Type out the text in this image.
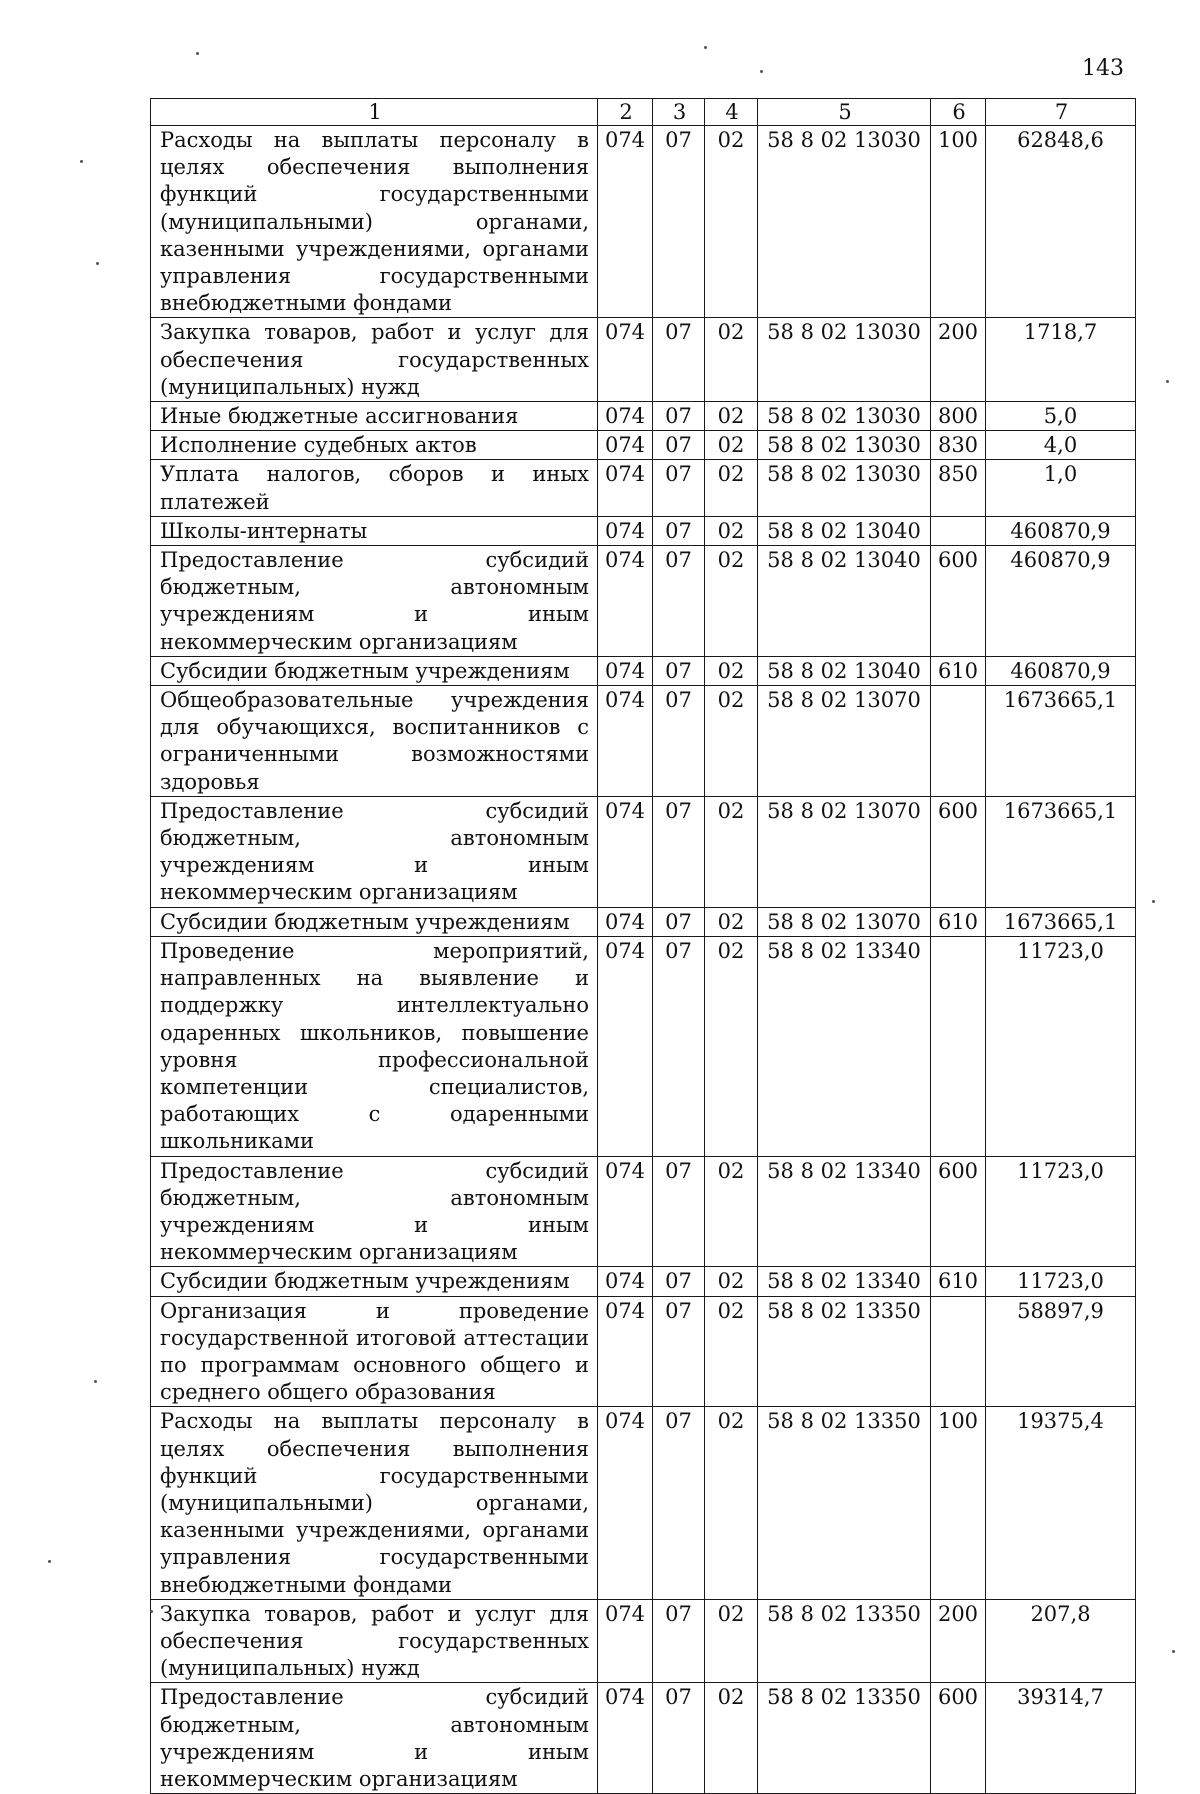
143
1	2	3	4	5	6	7
Расходы на выплаты персоналу в целях обеспечения выполнения функций государственными (муниципальными) органами, казенными учреждениями, органами управления государственными внебюджетными фондами	074	07	02	58 8 02 13030	100	62848,6
Закупка товаров, работ и услуг для обеспечения государственных (муниципальных) нужд	074	07	02	58 8 02 13030	200	1718,7
Иные бюджетные ассигнования	074	07	02	58 8 02 13030	800	5,0
Исполнение судебных актов	074	07	02	58 8 02 13030	830	4,0
Уплата налогов, сборов и иных платежей	074	07	02	58 8 02 13030	850	1,0
Школы-интернаты	074	07	02	58 8 02 13040		460870,9
Предоставление субсидий бюджетным, автономным учреждениям и иным некоммерческим организациям	074	07	02	58 8 02 13040	600	460870,9
Субсидии бюджетным учреждениям	074	07	02	58 8 02 13040	610	460870,9
Общеобразовательные учреждения для обучающихся, воспитанников с ограниченными возможностями здоровья	074	07	02	58 8 02 13070		1673665,1
Предоставление субсидий бюджетным, автономным учреждениям и иным некоммерческим организациям	074	07	02	58 8 02 13070	600	1673665,1
Субсидии бюджетным учреждениям	074	07	02	58 8 02 13070	610	1673665,1
Проведение мероприятий, направленных на выявление и поддержку интеллектуально одаренных школьников, повышение уровня профессиональной компетенции специалистов, работающих с одаренными школьниками	074	07	02	58 8 02 13340		11723,0
Предоставление субсидий бюджетным, автономным учреждениям и иным некоммерческим организациям	074	07	02	58 8 02 13340	600	11723,0
Субсидии бюджетным учреждениям	074	07	02	58 8 02 13340	610	11723,0
Организация и проведение государственной итоговой аттестации по программам основного общего и среднего общего образования	074	07	02	58 8 02 13350		58897,9
Расходы на выплаты персоналу в целях обеспечения выполнения функций государственными (муниципальными) органами, казенными учреждениями, органами управления государственными внебюджетными фондами	074	07	02	58 8 02 13350	100	19375,4
Закупка товаров, работ и услуг для обеспечения государственных (муниципальных) нужд	074	07	02	58 8 02 13350	200	207,8
Предоставление субсидий бюджетным, автономным учреждениям и иным некоммерческим организациям	074	07	02	58 8 02 13350	600	39314,7
